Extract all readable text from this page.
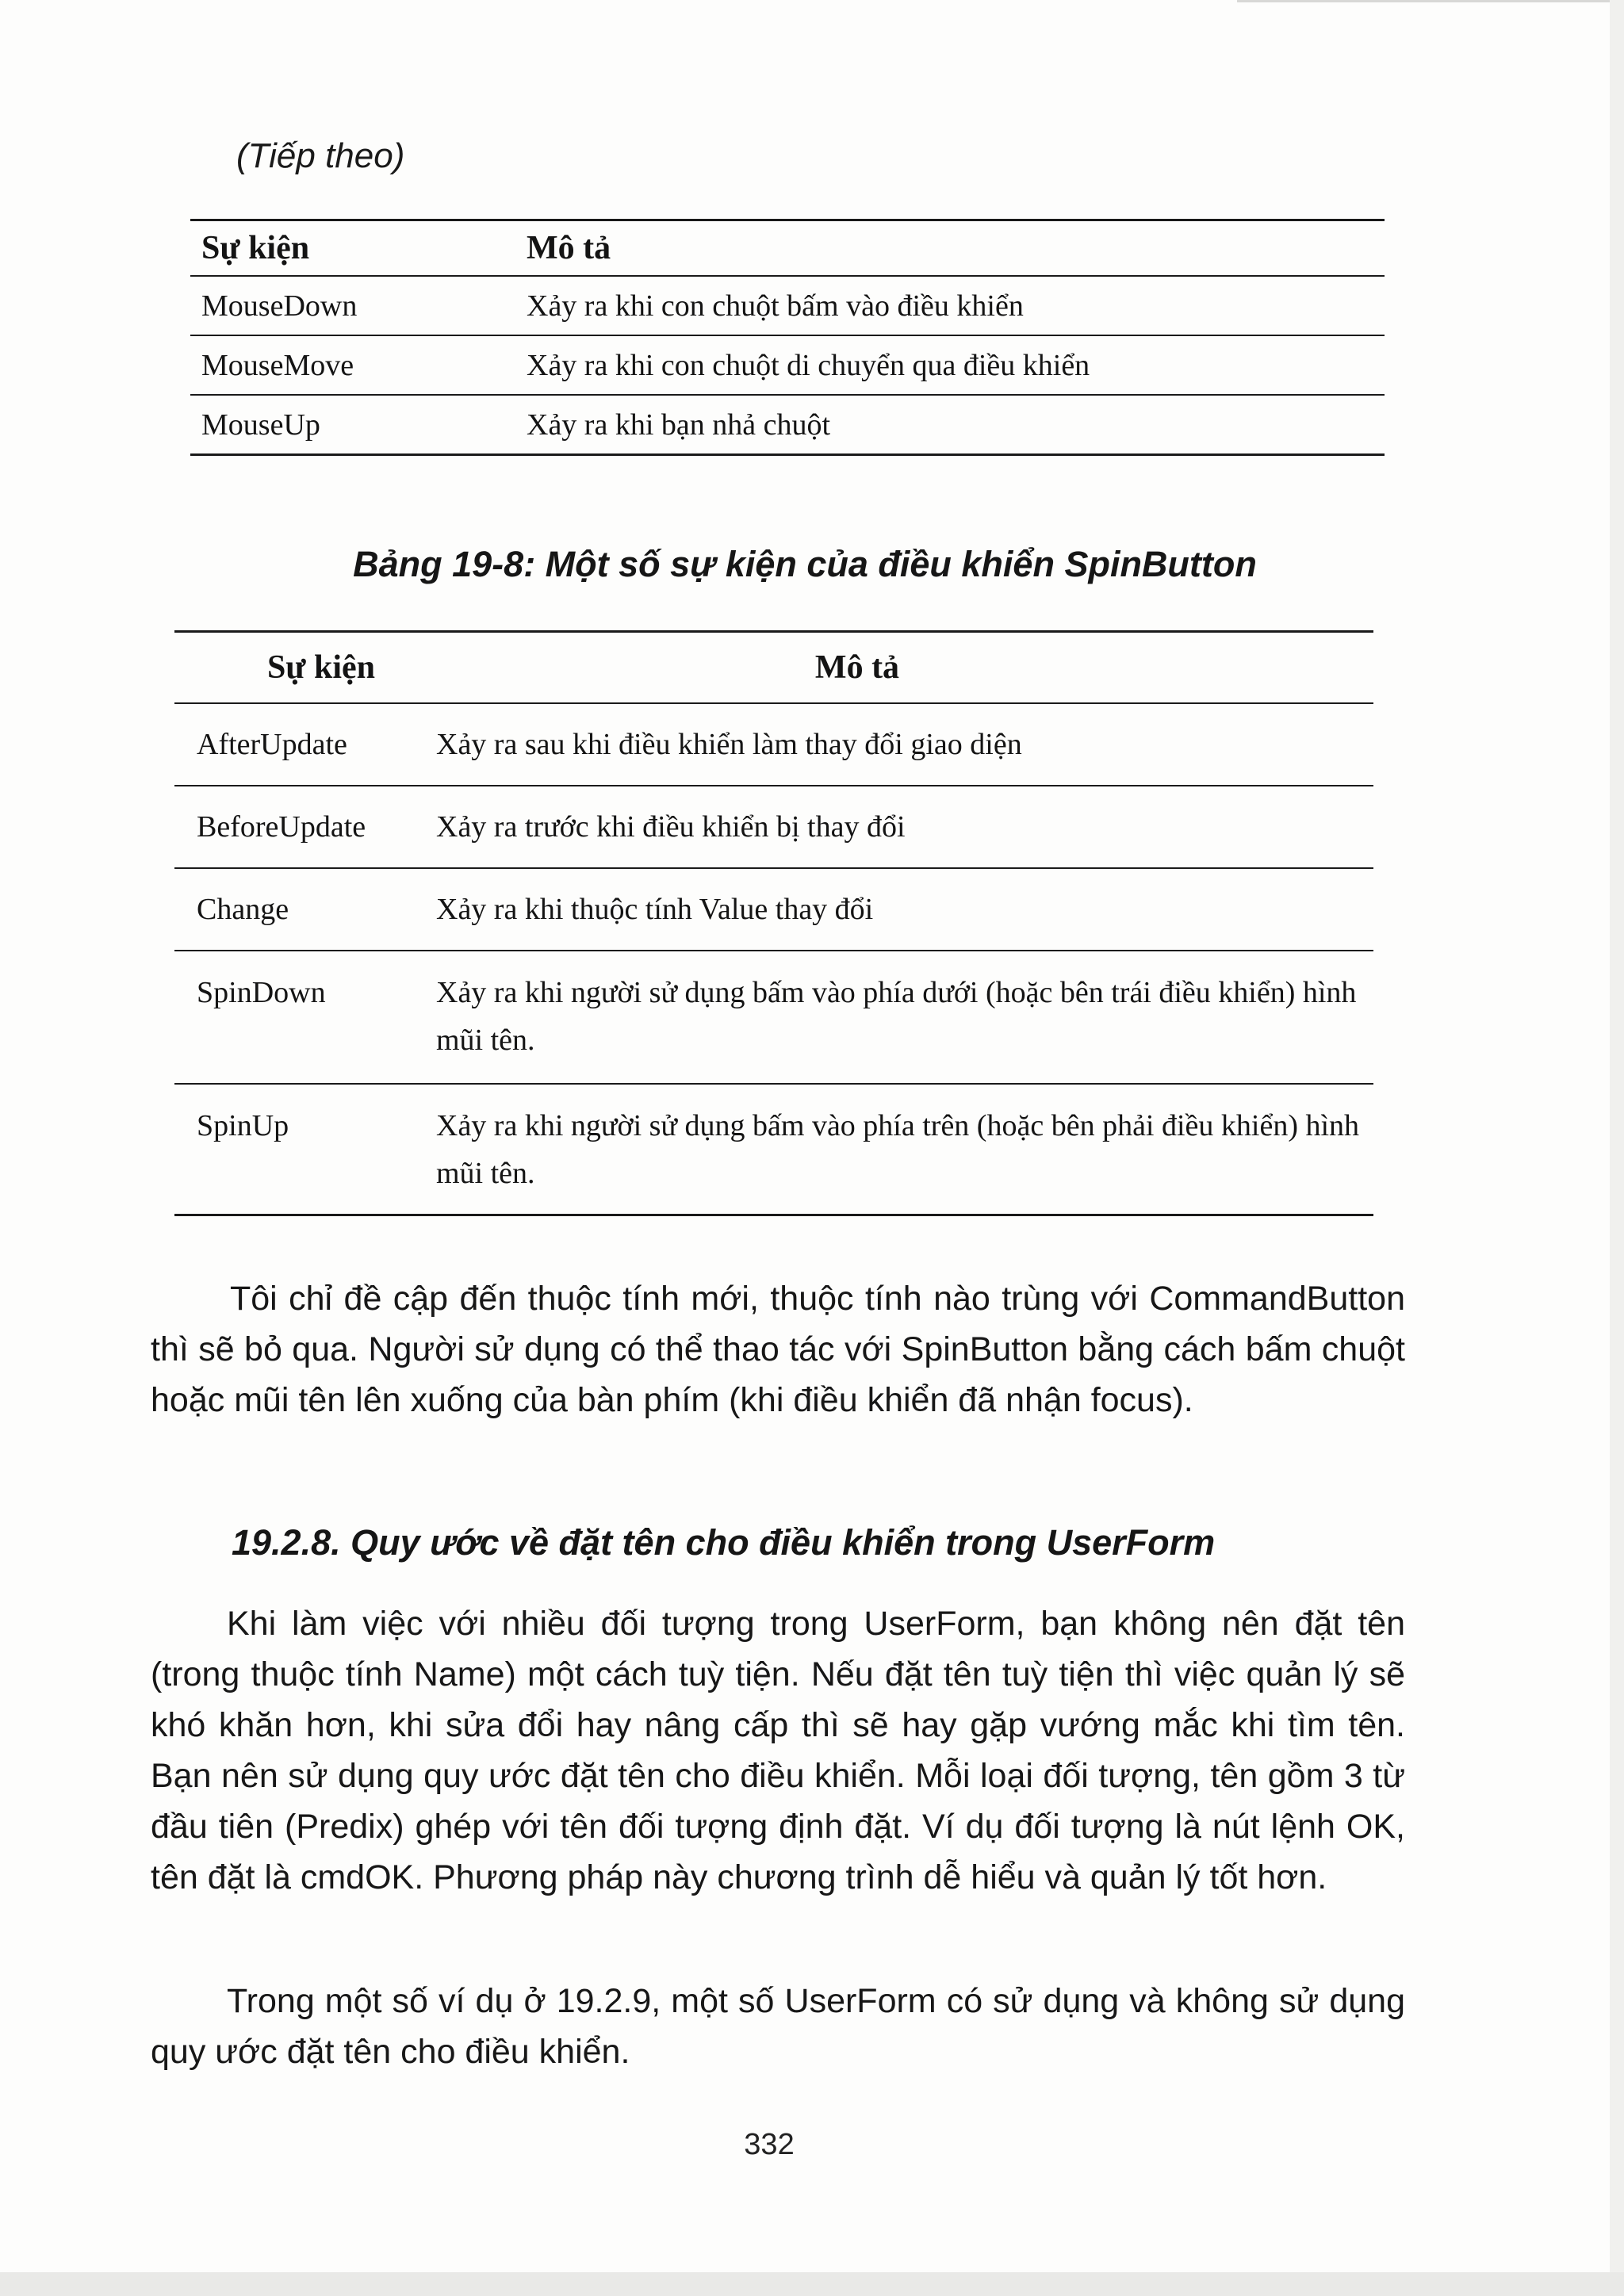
(Tiếp theo)
Sự kiện	Mô tả
MouseDown	Xảy ra khi con chuột bấm vào điều khiển
MouseMove	Xảy ra khi con chuột di chuyển qua điều khiển
MouseUp	Xảy ra khi bạn nhả chuột
Bảng 19-8: Một số sự kiện của điều khiển SpinButton
Sự kiện	Mô tả
AfterUpdate	Xảy ra sau khi điều khiển làm thay đổi giao diện
BeforeUpdate	Xảy ra trước khi điều khiển bị thay đổi
Change	Xảy ra khi thuộc tính Value thay đổi
SpinDown	Xảy ra khi người sử dụng bấm vào phía dưới (hoặc bên trái điều khiển) hình mũi tên.
SpinUp	Xảy ra khi người sử dụng bấm vào phía trên (hoặc bên phải điều khiển) hình mũi tên.

Tôi chỉ đề cập đến thuộc tính mới, thuộc tính nào trùng với CommandButton thì sẽ bỏ qua. Người sử dụng có thể thao tác với SpinButton bằng cách bấm chuột hoặc mũi tên lên xuống của bàn phím (khi điều khiển đã nhận focus).

19.2.8. Quy ước về đặt tên cho điều khiển trong UserForm

Khi làm việc với nhiều đối tượng trong UserForm, bạn không nên đặt tên (trong thuộc tính Name) một cách tuỳ tiện. Nếu đặt tên tuỳ tiện thì việc quản lý sẽ khó khăn hơn, khi sửa đổi hay nâng cấp thì sẽ hay gặp vướng mắc khi tìm tên. Bạn nên sử dụng quy ước đặt tên cho điều khiển. Mỗi loại đối tượng, tên gồm 3 từ đầu tiên (Predix) ghép với tên đối tượng định đặt. Ví dụ đối tượng là nút lệnh OK, tên đặt là cmdOK. Phương pháp này chương trình dễ hiểu và quản lý tốt hơn.

Trong một số ví dụ ở 19.2.9, một số UserForm có sử dụng và không sử dụng quy ước đặt tên cho điều khiển.

332
